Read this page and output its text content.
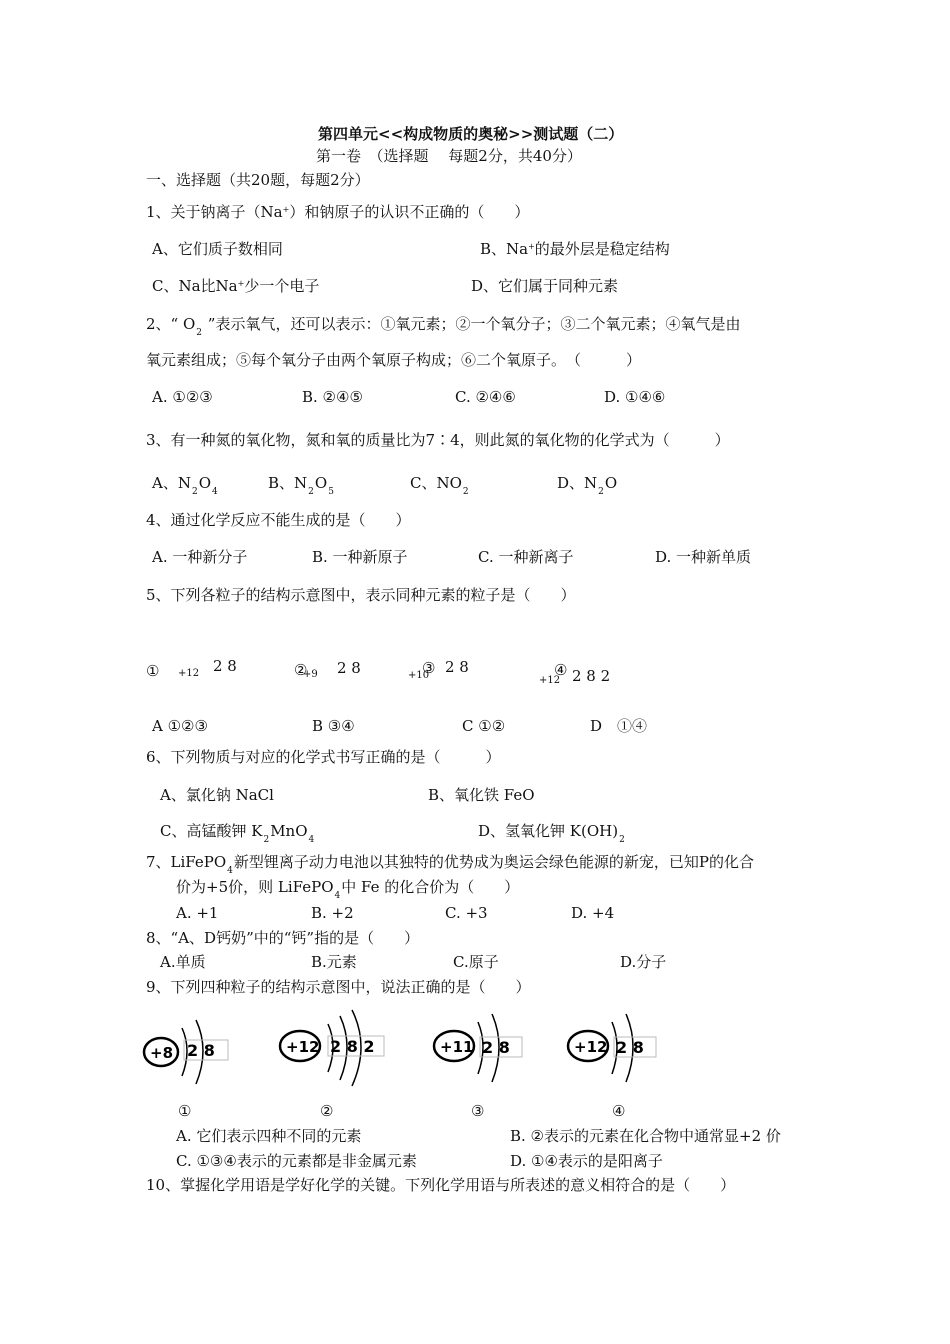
第四单元<<构成物质的奥秘>>测试题（二）
第一卷　（选择题　 每题2分，共40分）
一、选择题（共20题，每题2分）
1、关于钠离子（Na+）和钠原子的认识不正确的（　　）
A、它们质子数相同	B、Na+的最外层是稳定结构
C、Na比Na+少一个电子	D、它们属于同种元素
2、“ $O_2$ ”表示氧气，还可以表示：①氧元素；②一个氧分子；③二个氧元素；④氧气是由
氧元素组成；⑤每个氧分子由两个氧原子构成；⑥二个氧原子。　（　　　）
A. ①②③	B. ②④⑤	C. ②④⑥	D. ①④⑥
3、有一种氮的氧化物，氮和氧的质量比为7∶4，则此氮的氧化物的化学式为（　　　）
A、$N_2O_4$	B、$N_2O_5$	C、$NO_2$	D、$N_2O$
4、通过化学反应不能生成的是（　　）
A. 一种新分子	B. 一种新原子	C. 一种新离子	D. 一种新单质
5、下列各粒子的结构示意图中，表示同种元素的粒子是（　　）
① +12 2 8	②
+9 2 8	③
+10 2 8	④
+12 2 8 2
A ①②③	B ③④	C ①②	D　①④
6、下列物质与对应的化学式书写正确的是（　　　）
A、氯化钠 NaCl	B、氧化铁 FeO
C、高锰酸钾 $K_2MnO_4$	D、氢氧化钾 $K(OH)_2$
7、LiFePO$_4$新型锂离子动力电池以其独特的优势成为奥运会绿色能源的新宠，已知P的化合
价为+5价，则 LiFePO$_4$中 Fe 的化合价为（　　）
A. +1	B. +2	C. +3	D. +4
8、“A、D钙奶”中的“钙”指的是（　　）
A.单质	B.元素	C.原子	D.分子
9、下列四种粒子的结构示意图中，说法正确的是（　　）
+8 2 8	+12 2 8 2	+11 2 8	+12 2 8
①	②	③	④
A. 它们表示四种不同的元素	B. ②表示的元素在化合物中通常显+2 价
C. ①③④表示的元素都是非金属元素	D. ①④表示的是阳离子
10、掌握化学用语是学好化学的关键。下列化学用语与所表述的意义相符合的是（　　）
